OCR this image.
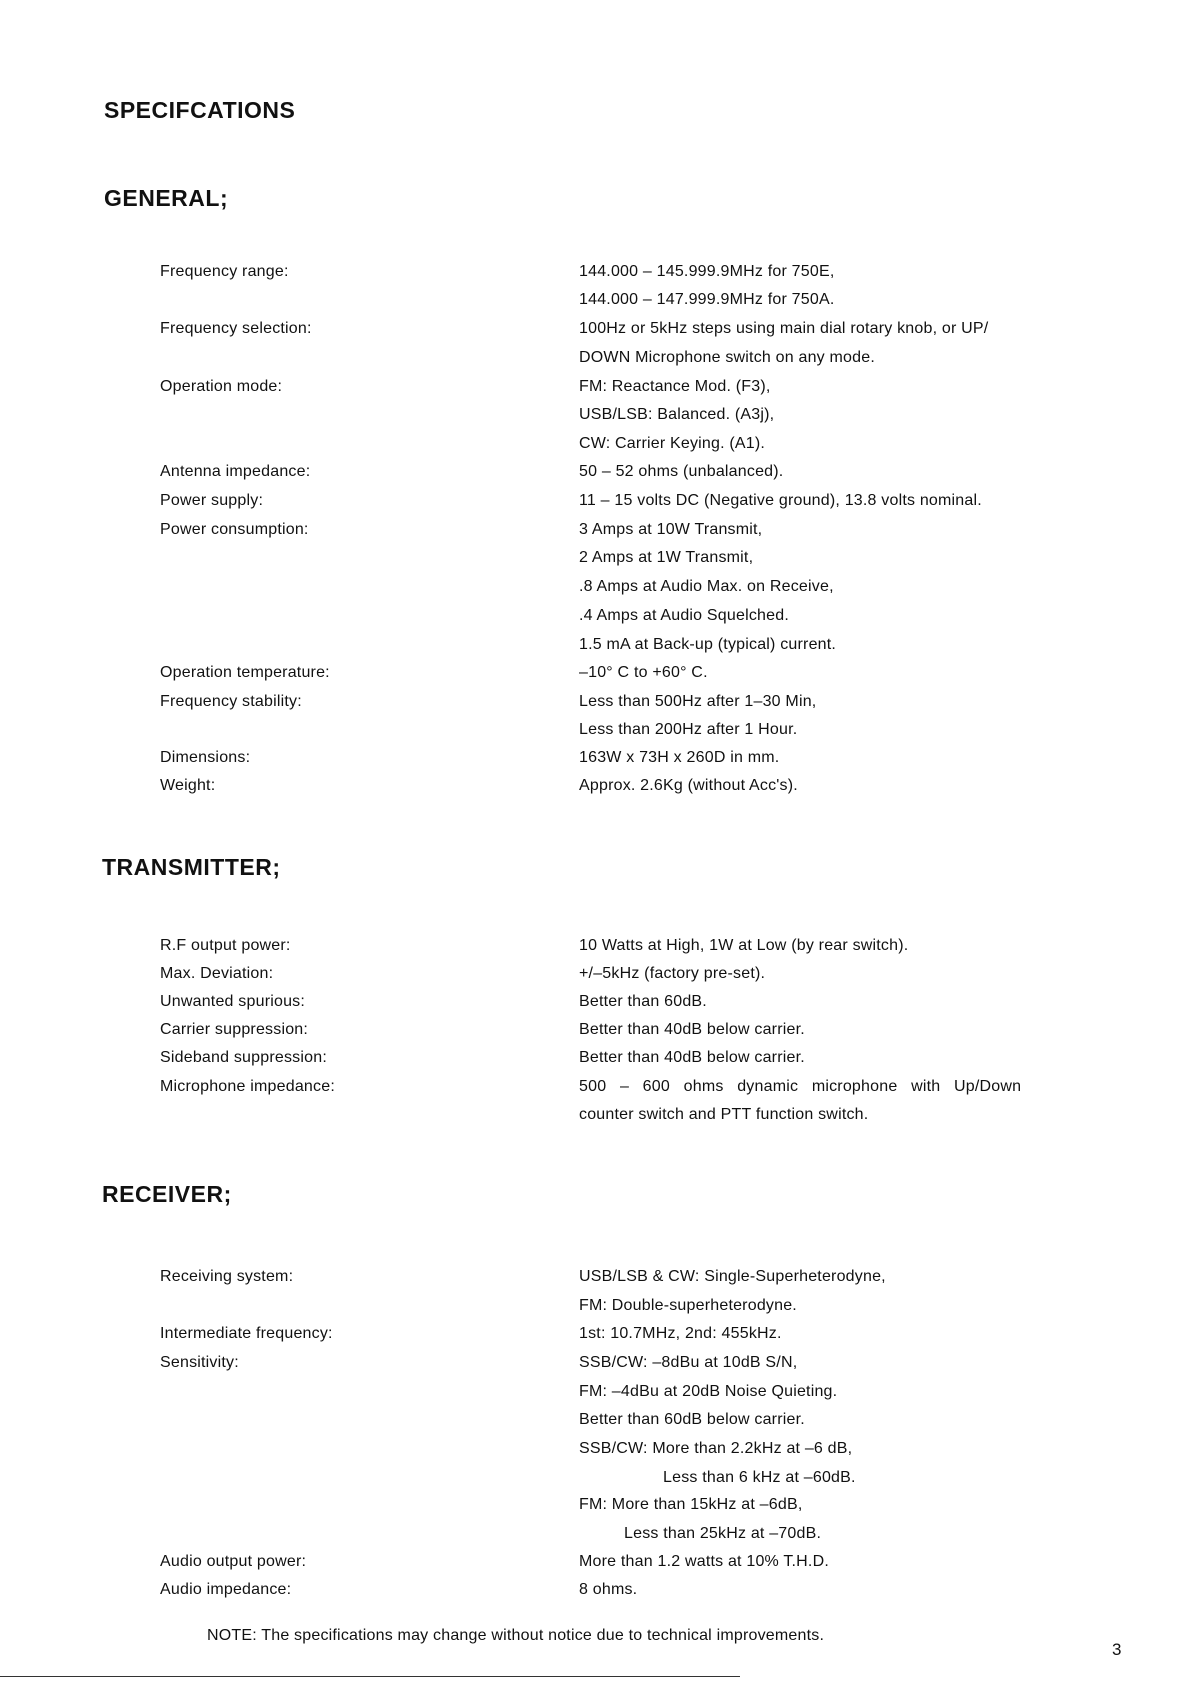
SPECIFCATIONS
GENERAL;
Frequency range:
Frequency selection:
Operation mode:
Antenna impedance:
Power supply:
Power consumption:
Operation temperature:
Frequency stability:
Dimensions:
Weight:
144.000 – 145.999.9MHz for 750E,
144.000 – 147.999.9MHz for 750A.
100Hz or 5kHz steps using main dial rotary knob, or UP/
DOWN Microphone switch on any mode.
FM: Reactance Mod. (F3),
USB/LSB: Balanced. (A3j),
CW: Carrier Keying. (A1).
50 – 52 ohms (unbalanced).
11 – 15 volts DC (Negative ground), 13.8 volts nominal.
3 Amps at 10W Transmit,
2 Amps at 1W Transmit,
.8 Amps at Audio Max. on Receive,
.4 Amps at Audio Squelched.
1.5 mA at Back-up (typical) current.
–10° C to +60° C.
Less than 500Hz after 1–30 Min,
Less than 200Hz after 1 Hour.
163W x 73H x 260D in mm.
Approx. 2.6Kg (without Acc's).
TRANSMITTER;
R.F output power:
Max. Deviation:
Unwanted spurious:
Carrier suppression:
Sideband suppression:
Microphone impedance:
10 Watts at High, 1W at Low (by rear switch).
+/–5kHz (factory pre-set).
Better than 60dB.
Better than 40dB below carrier.
Better than 40dB below carrier.
500 – 600 ohms dynamic microphone with Up/Down
counter switch and PTT function switch.
RECEIVER;
Receiving system:
Intermediate frequency:
Sensitivity:
Audio output power:
Audio impedance:
USB/LSB & CW: Single-Superheterodyne,
FM: Double-superheterodyne.
1st: 10.7MHz, 2nd: 455kHz.
SSB/CW: –8dBu at 10dB S/N,
FM: –4dBu at 20dB Noise Quieting.
Better than 60dB below carrier.
SSB/CW: More than 2.2kHz at –6 dB,
Less than 6 kHz at –60dB.
FM: More than 15kHz at –6dB,
Less than 25kHz at –70dB.
More than 1.2 watts at 10% T.H.D.
8 ohms.
NOTE: The specifications may change without notice due to technical improvements.
3
